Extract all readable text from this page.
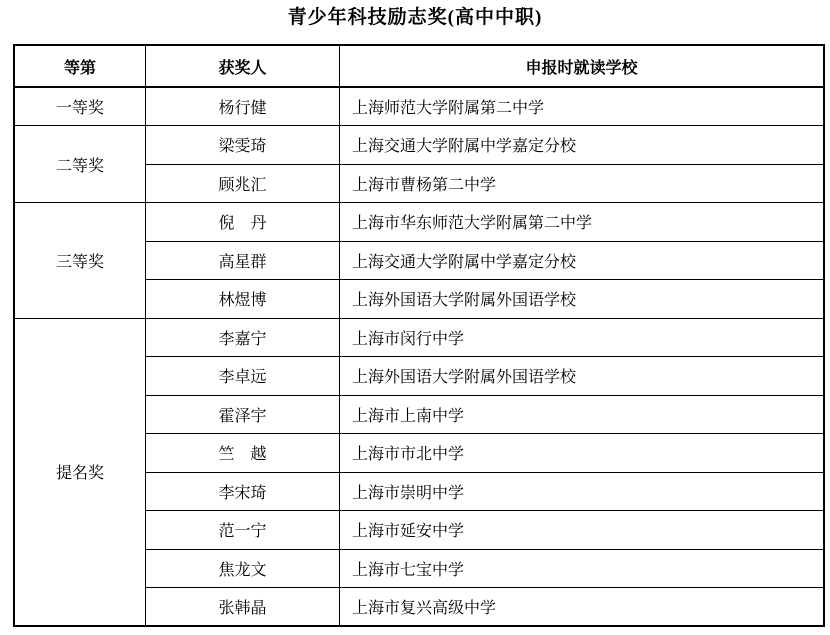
青少年科技励志奖(高中中职)
等第	获奖人	申报时就读学校
一等奖	杨行健	上海师范大学附属第二中学
二等奖	梁雯琦	上海交通大学附属中学嘉定分校
	顾兆汇	上海市曹杨第二中学
三等奖	倪　丹	上海市华东师范大学附属第二中学
	高星群	上海交通大学附属中学嘉定分校
	林煜博	上海外国语大学附属外国语学校
提名奖	李嘉宁	上海市闵行中学
	李卓远	上海外国语大学附属外国语学校
	霍泽宇	上海市上南中学
	竺　越	上海市市北中学
	李宋琦	上海市崇明中学
	范一宁	上海市延安中学
	焦龙文	上海市七宝中学
	张韩晶	上海市复兴高级中学
